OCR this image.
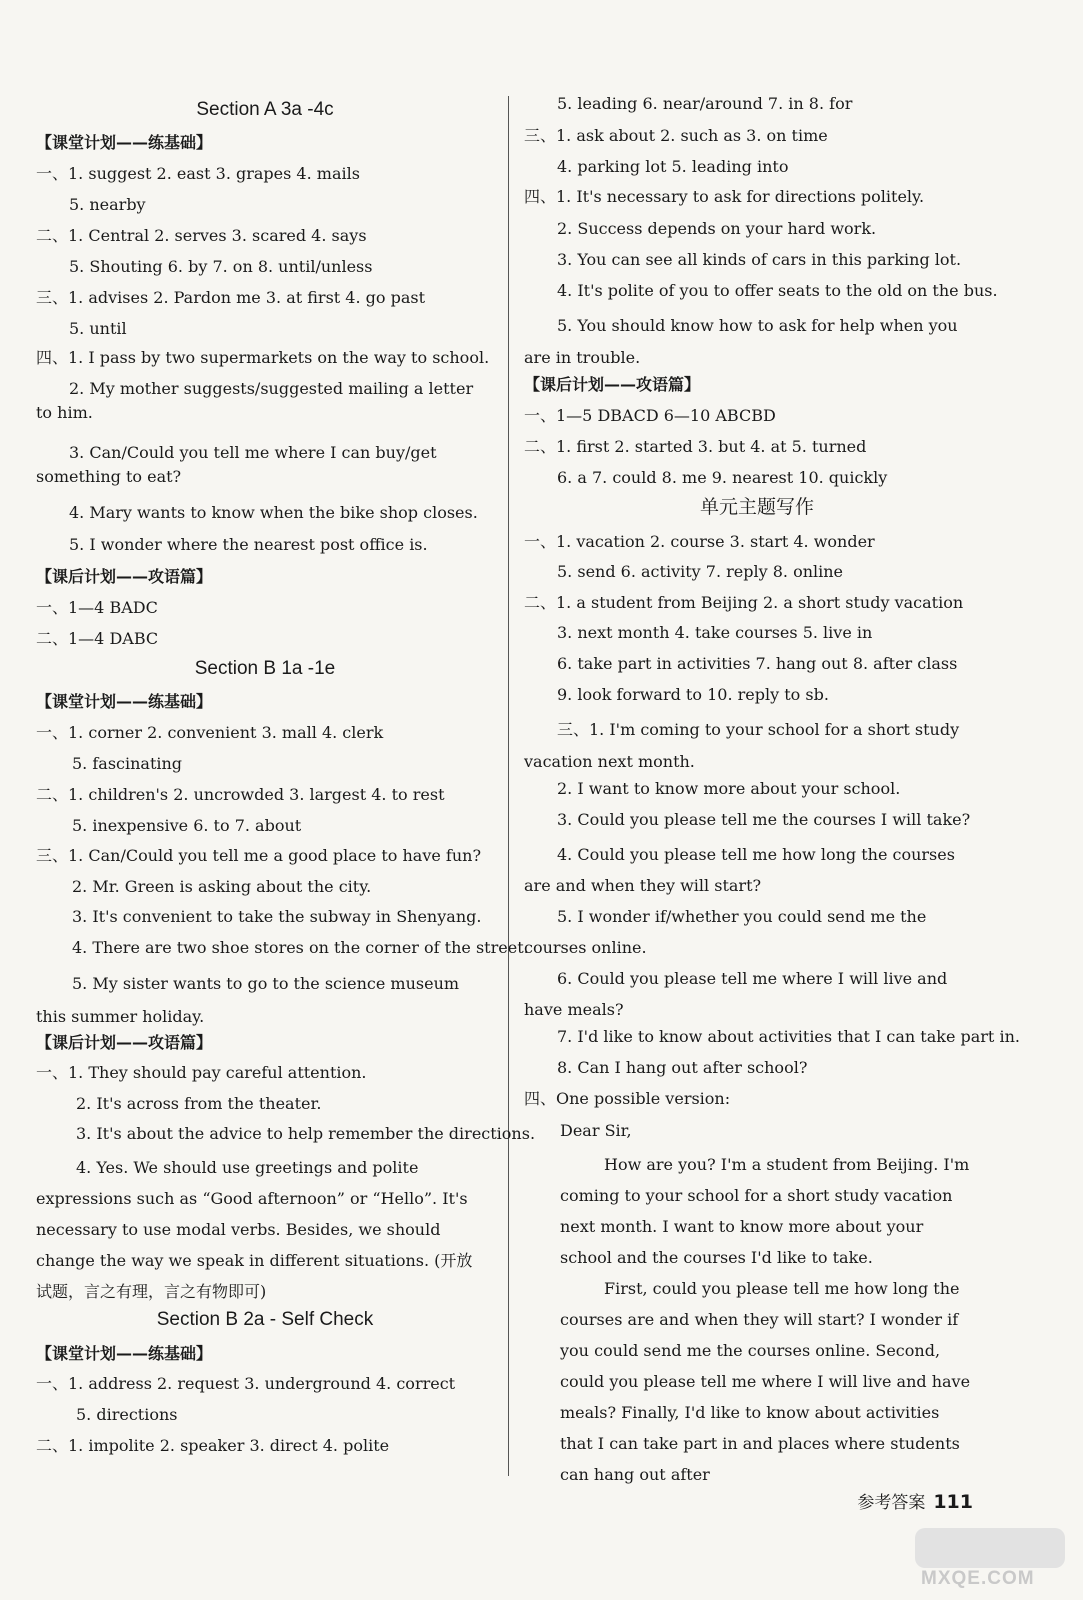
Section A 3a -4c
【课堂计划——练基础】
一、1. suggest 2. east 3. grapes 4. mails
5. nearby
二、1. Central 2. serves 3. scared 4. says
5. Shouting 6. by 7. on 8. until/unless
三、1. advises 2. Pardon me 3. at first 4. go past
5. until
四、1. I pass by two supermarkets on the way to school.
2. My mother suggests/suggested mailing a letter to him.
3. Can/Could you tell me where I can buy/get something to eat?
4. Mary wants to know when the bike shop closes.
5. I wonder where the nearest post office is.
【课后计划——攻语篇】
一、1—4 BADC
二、1—4 DABC
Section B 1a -1e
【课堂计划——练基础】
一、1. corner 2. convenient 3. mall 4. clerk
5. fascinating
二、1. children's 2. uncrowded 3. largest 4. to rest
5. inexpensive 6. to 7. about
三、1. Can/Could you tell me a good place to have fun?
2. Mr. Green is asking about the city.
3. It's convenient to take the subway in Shenyang.
4. There are two shoe stores on the corner of the street.
5. My sister wants to go to the science museum this summer holiday.
【课后计划——攻语篇】
一、1. They should pay careful attention.
2. It's across from the theater.
3. It's about the advice to help remember the directions.
4. Yes. We should use greetings and polite expressions such as “Good afternoon” or “Hello”. It's necessary to use modal verbs. Besides, we should change the way we speak in different situations. (开放试题，言之有理，言之有物即可)
Section B 2a - Self Check
【课堂计划——练基础】
一、1. address 2. request 3. underground 4. correct
5. directions
二、1. impolite 2. speaker 3. direct 4. polite
5. leading 6. near/around 7. in 8. for
三、1. ask about 2. such as 3. on time
4. parking lot 5. leading into
四、1. It's necessary to ask for directions politely.
2. Success depends on your hard work.
3. You can see all kinds of cars in this parking lot.
4. It's polite of you to offer seats to the old on the bus.
5. You should know how to ask for help when you are in trouble.
【课后计划——攻语篇】
一、1—5 DBACD 6—10 ABCBD
二、1. first 2. started 3. but 4. at 5. turned
6. a 7. could 8. me 9. nearest 10. quickly
单元主题写作
一、1. vacation 2. course 3. start 4. wonder
5. send 6. activity 7. reply 8. online
二、1. a student from Beijing 2. a short study vacation
3. next month 4. take courses 5. live in
6. take part in activities 7. hang out 8. after class
9. look forward to 10. reply to sb.
三、1. I'm coming to your school for a short study vacation next month.
2. I want to know more about your school.
3. Could you please tell me the courses I will take?
4. Could you please tell me how long the courses are and when they will start?
5. I wonder if/whether you could send me the courses online.
6. Could you please tell me where I will live and have meals?
7. I'd like to know about activities that I can take part in.
8. Can I hang out after school?
四、One possible version:
Dear Sir,
How are you? I'm a student from Beijing. I'm coming to your school for a short study vacation next month. I want to know more about your school and the courses I'd like to take.
First, could you please tell me how long the courses are and when they will start? I wonder if you could send me the courses online. Second, could you please tell me where I will live and have meals? Finally, I'd like to know about activities that I can take part in and places where students can hang out after
参考答案 111
MXQE.COM
